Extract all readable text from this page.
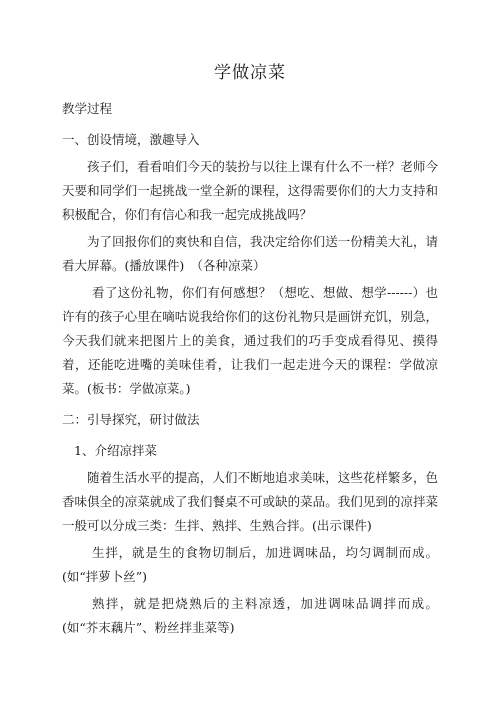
学做凉菜

教学过程

一、创设情境，激趣导入

孩子们，看看咱们今天的装扮与以往上课有什么不一样？老师今天要和同学们一起挑战一堂全新的课程，这得需要你们的大力支持和积极配合，你们有信心和我一起完成挑战吗？

为了回报你们的爽快和自信，我决定给你们送一份精美大礼，请看大屏幕。(播放课件)　（各种凉菜）

看了这份礼物，你们有何感想？（想吃、想做、想学------）也许有的孩子心里在嘀咕说我给你们的这份礼物只是画饼充饥，别急，今天我们就来把图片上的美食，通过我们的巧手变成看得见、摸得着，还能吃进嘴的美味佳肴，让我们一起走进今天的课程：学做凉菜。(板书：学做凉菜。)

二：引导探究，研讨做法

1、介绍凉拌菜

随着生活水平的提高，人们不断地追求美味，这些花样繁多，色香味俱全的凉菜就成了我们餐桌不可或缺的菜品。我们见到的凉拌菜一般可以分成三类：生拌、熟拌、生熟合拌。(出示课件)

生拌，就是生的食物切制后，加进调味品，均匀调制而成。(如“拌萝卜丝”)

熟拌，就是把烧熟后的主料凉透，加进调味品调拌而成。(如“芥末藕片”、粉丝拌韭菜等)
